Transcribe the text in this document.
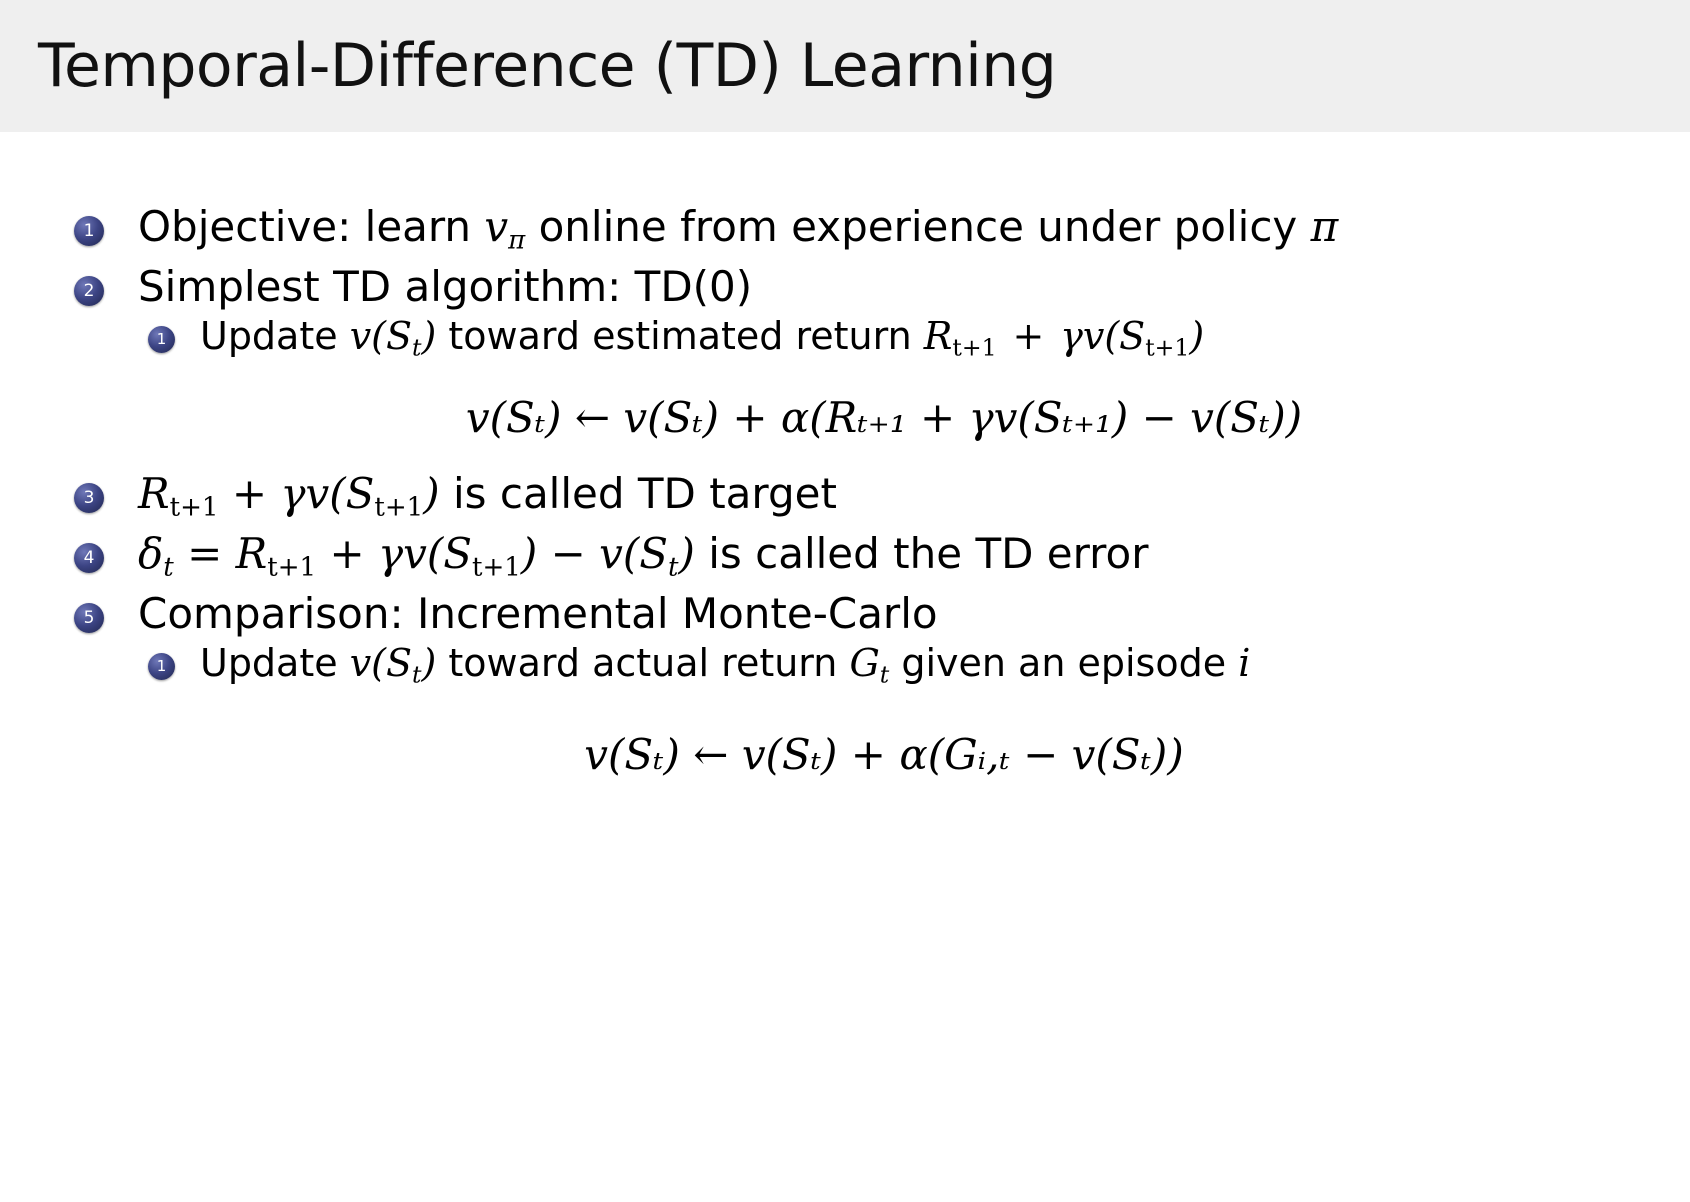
Temporal-Difference (TD) Learning
1 Objective: learn $v_\pi$ online from experience under policy π
2 Simplest TD algorithm: TD(0)
1 Update $v(S_t)$ toward estimated return $R_{t+1} + \gamma v(S_{t+1})$
v(Sₜ) ← v(Sₜ) + α(Rₜ₊₁ + γv(Sₜ₊₁) − v(Sₜ))
3 $R_{t+1} + \gamma v(S_{t+1})$ is called TD target
4 $\delta_t = R_{t+1} + \gamma v(S_{t+1}) - v(S_t)$ is called the TD error
5 Comparison: Incremental Monte-Carlo
1 Update $v(S_t)$ toward actual return $G_t$ given an episode i
v(Sₜ) ← v(Sₜ) + α(Gᵢ,ₜ − v(Sₜ))
